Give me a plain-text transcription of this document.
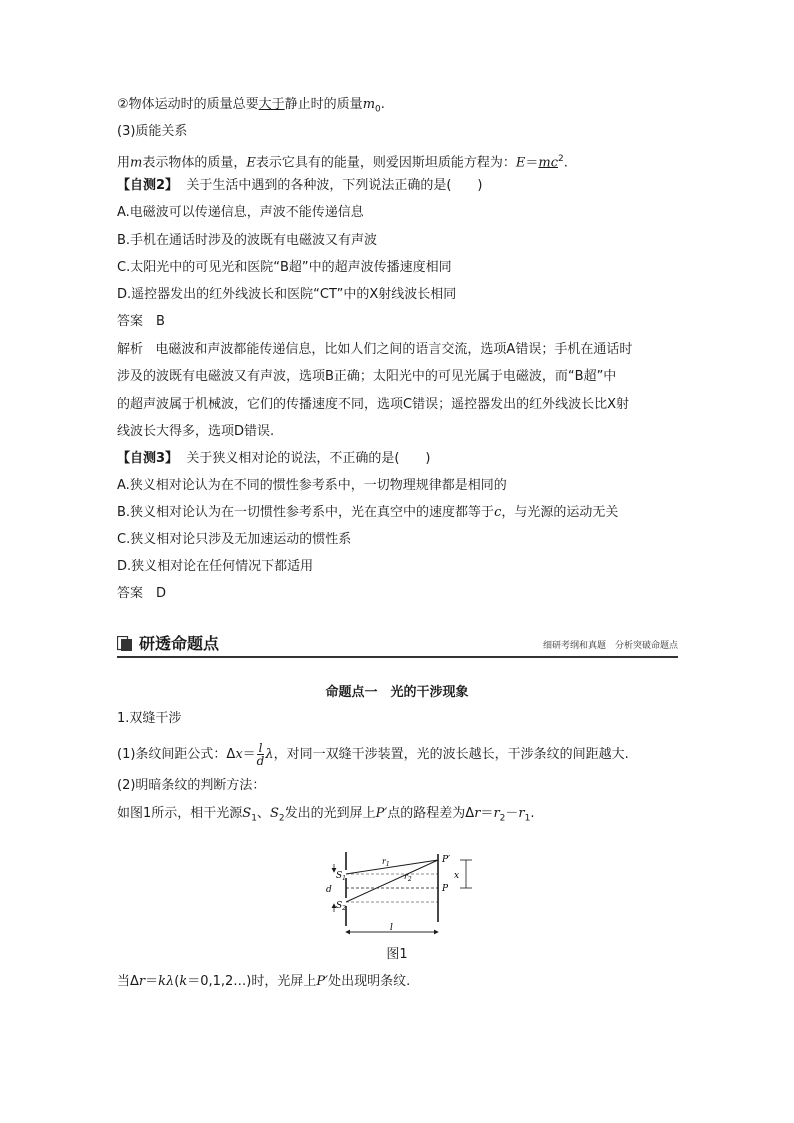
②物体运动时的质量总要大于静止时的质量$m_0$.
(3)质能关系
用m表示物体的质量，E表示它具有的能量，则爱因斯坦质能方程为：$E=mc^2$.
【自测2】 关于生活中遇到的各种波，下列说法正确的是(　　)
A.电磁波可以传递信息，声波不能传递信息
B.手机在通话时涉及的波既有电磁波又有声波
C.太阳光中的可见光和医院“B超”中的超声波传播速度相同
D.遥控器发出的红外线波长和医院“CT”中的X射线波长相同
答案　B
解析 电磁波和声波都能传递信息，比如人们之间的语言交流，选项A错误；手机在通话时
涉及的波既有电磁波又有声波，选项B正确；太阳光中的可见光属于电磁波，而“B超”中
的超声波属于机械波，它们的传播速度不同，选项C错误；遥控器发出的红外线波长比X射
线波长大得多，选项D错误.
【自测3】 关于狭义相对论的说法，不正确的是(　　)
A.狭义相对论认为在不同的惯性参考系中，一切物理规律都是相同的
B.狭义相对论认为在一切惯性参考系中，光在真空中的速度都等于c，与光源的运动无关
C.狭义相对论只涉及无加速运动的惯性系
D.狭义相对论在任何情况下都适用
答案　D
研透命题点	细研考纲和真题　分析突破命题点
命题点一　光的干涉现象
1.双缝干涉
(1)条纹间距公式：$\Delta x= \frac{l}{d}$ λ，对同一双缝干涉装置，光的波长越长，干涉条纹的间距越大.
(2)明暗条纹的判断方法：
如图1所示，相干光源$S_1$、$S_2$发出的光到屏上P′点的路程差为$\Delta r=r_2-r_1$.
$S_1$
$S_2$
d
$r_1$
$r_2$
P′
P
x
l
图1
当Δr＝kλ(k＝0,1,2…)时，光屏上P′处出现明条纹.
